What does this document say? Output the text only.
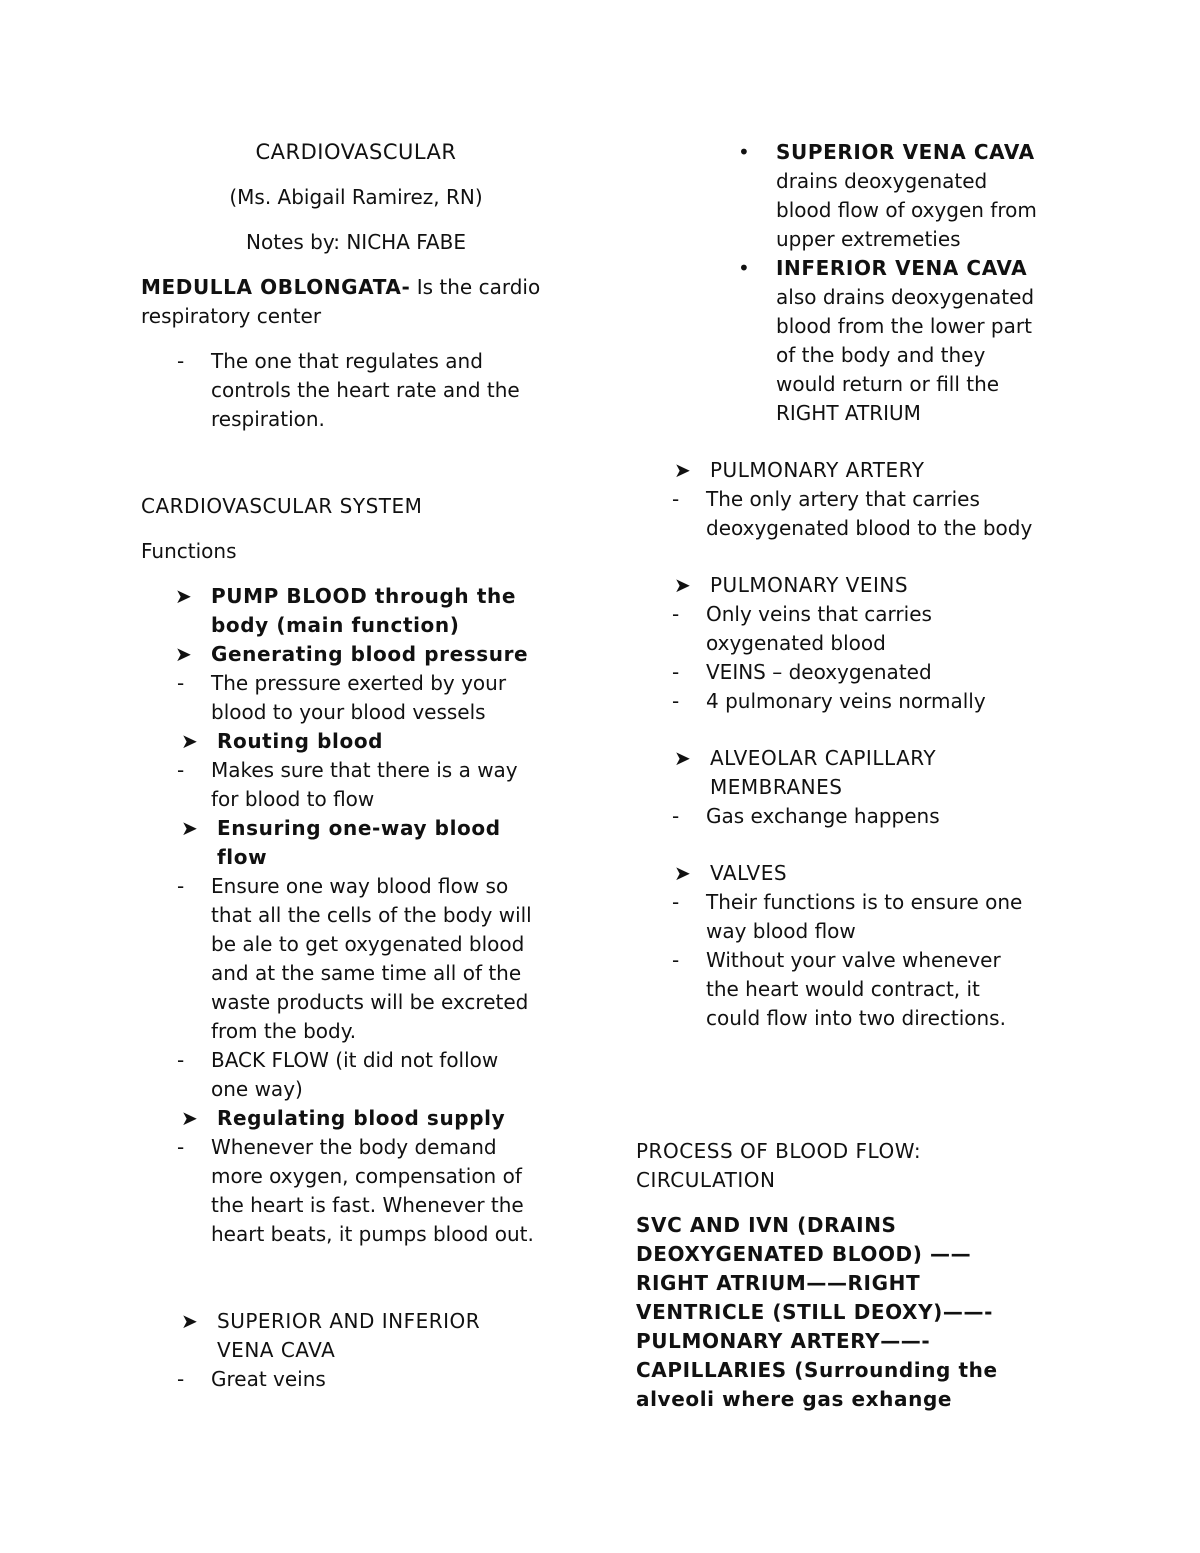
CARDIOVASCULAR
(Ms. Abigail Ramirez, RN)
Notes by: NICHA FABE
MEDULLA OBLONGATA- Is the cardio
respiratory center
- The one that regulates and
controls the heart rate and the
respiration.
CARDIOVASCULAR SYSTEM
Functions
➤ PUMP BLOOD through the
body (main function)
➤ Generating blood pressure
- The pressure exerted by your
blood to your blood vessels
➤ Routing blood
- Makes sure that there is a way
for blood to flow
➤ Ensuring one-way blood
flow
- Ensure one way blood flow so
that all the cells of the body will
be ale to get oxygenated blood
and at the same time all of the
waste products will be excreted
from the body.
- BACK FLOW (it did not follow
one way)
➤ Regulating blood supply
- Whenever the body demand
more oxygen, compensation of
the heart is fast. Whenever the
heart beats, it pumps blood out.
➤ SUPERIOR AND INFERIOR
VENA CAVA
- Great veins
• SUPERIOR VENA CAVA
drains deoxygenated
blood flow of oxygen from
upper extremeties
• INFERIOR VENA CAVA
also drains deoxygenated
blood from the lower part
of the body and they
would return or fill the
RIGHT ATRIUM
➤ PULMONARY ARTERY
- The only artery that carries
deoxygenated blood to the body
➤ PULMONARY VEINS
- Only veins that carries
oxygenated blood
- VEINS – deoxygenated
- 4 pulmonary veins normally
➤ ALVEOLAR CAPILLARY
MEMBRANES
- Gas exchange happens
➤ VALVES
- Their functions is to ensure one
way blood flow
- Without your valve whenever
the heart would contract, it
could flow into two directions.
PROCESS OF BLOOD FLOW:
CIRCULATION
SVC AND IVN (DRAINS
DEOXYGENATED BLOOD) ——
RIGHT ATRIUM——RIGHT
VENTRICLE (STILL DEOXY)——-
PULMONARY ARTERY——-
CAPILLARIES (Surrounding the
alveoli where gas exhange
